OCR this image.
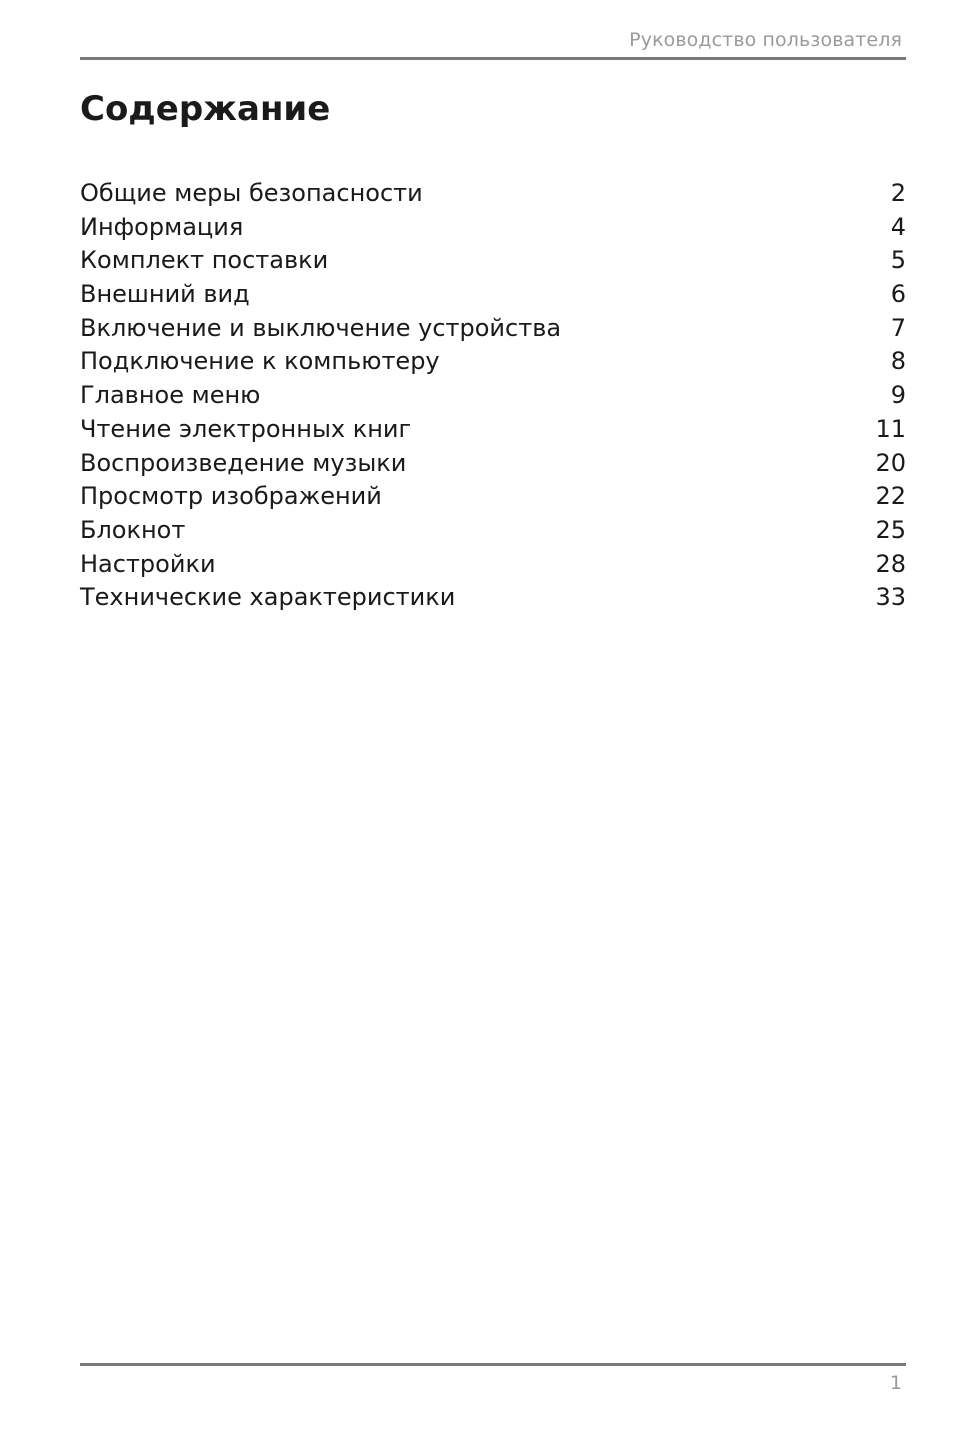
Руководство пользователя
Содержание
Общие меры безопасности	2
Информация	4
Комплект поставки	5
Внешний вид	6
Включение и выключение устройства	7
Подключение к компьютеру	8
Главное меню	9
Чтение электронных книг	11
Воспроизведение музыки	20
Просмотр изображений	22
Блокнот	25
Настройки	28
Технические характеристики	33
1
